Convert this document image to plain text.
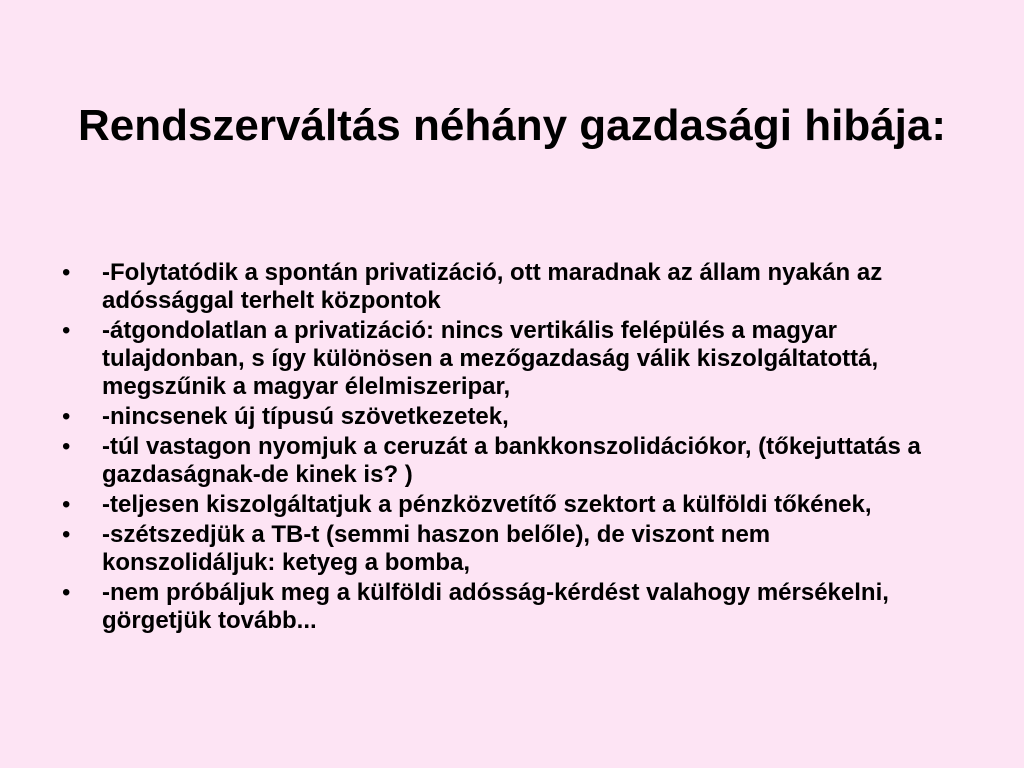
Rendszerváltás néhány gazdasági hibája:
•	-Folytatódik a spontán privatizáció, ott maradnak az állam nyakán az adóssággal terhelt központok
•	-átgondolatlan a privatizáció: nincs vertikális felépülés a magyar tulajdonban, s így különösen a mezőgazdaság válik kiszolgáltatottá, megszűnik a magyar élelmiszeripar,
•	-nincsenek új típusú szövetkezetek,
•	-túl vastagon nyomjuk a ceruzát a bankkonszolidációkor, (tőkejuttatás a gazdaságnak-de kinek is? )
•	-teljesen kiszolgáltatjuk a pénzközvetítő szektort a külföldi tőkének,
•	-szétszedjük a TB-t (semmi haszon belőle), de viszont nem konszolidáljuk: ketyeg a bomba,
•	-nem próbáljuk meg a külföldi adósság-kérdést valahogy mérsékelni, görgetjük tovább...
